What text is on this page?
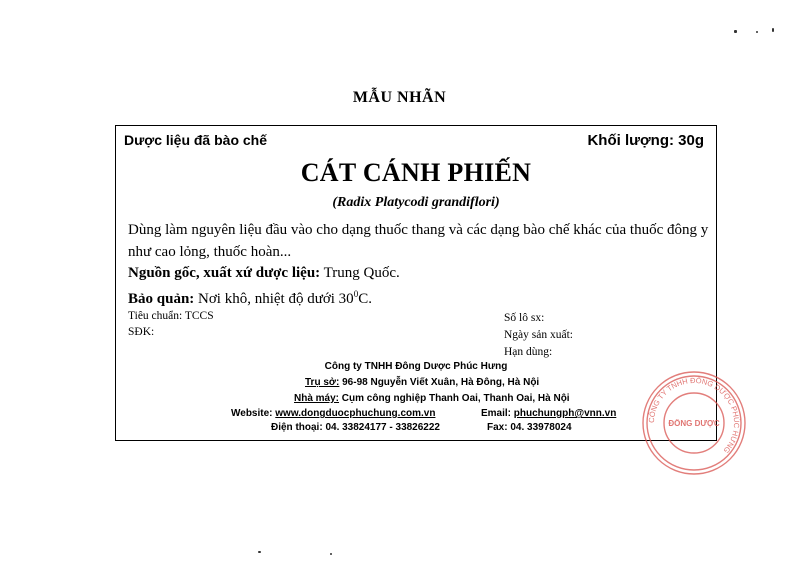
MẪU NHÃN
Dược liệu đã bào chế	Khối lượng: 30g
CÁT CÁNH PHIẾN
(Radix Platycodi grandiflori)
Dùng làm nguyên liệu đầu vào cho dạng thuốc thang và các dạng bào chế khác của thuốc đông y như cao lỏng, thuốc hoàn...
Nguồn gốc, xuất xứ dược liệu: Trung Quốc.
Bảo quản: Nơi khô, nhiệt độ dưới $30^0C$.
Tiêu chuẩn: TCCS
SĐK:
Số lô sx:
Ngày sản xuất:
Hạn dùng:
Công ty TNHH Đông Dược Phúc Hưng
Trụ sở: 96-98 Nguyễn Viết Xuân, Hà Đông, Hà Nội
Nhà máy: Cụm công nghiệp Thanh Oai, Thanh Oai, Hà Nội
Website: www.dongduocphuchung.com.vn	Email: phuchungph@vnn.vn
Điện thoại: 04. 33824177 - 33826222	Fax: 04. 33978024
CÔNG TY TNHH ĐÔNG DƯỢC PHÚC HƯNG
ĐÔNG DƯỢC
